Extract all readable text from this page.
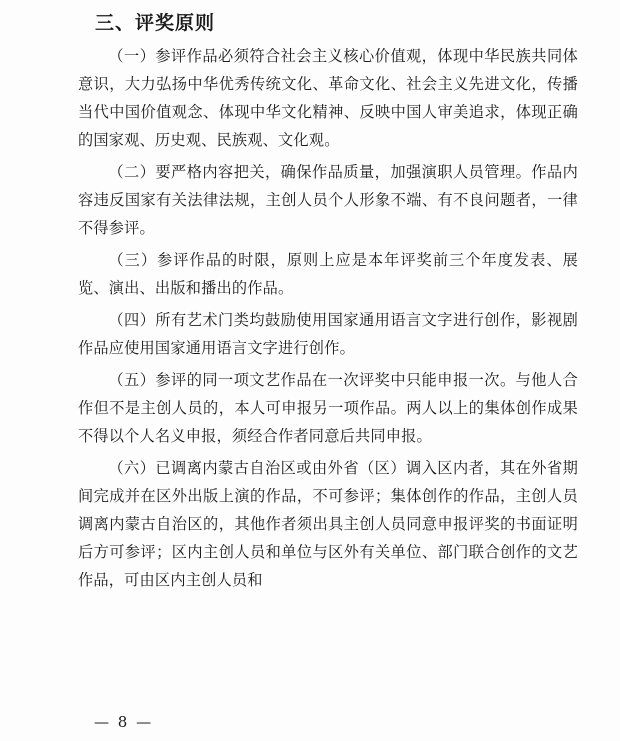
三、评奖原则

（一）参评作品必须符合社会主义核心价值观，体现中华民族共同体意识，大力弘扬中华优秀传统文化、革命文化、社会主义先进文化，传播当代中国价值观念、体现中华文化精神、反映中国人审美追求，体现正确的国家观、历史观、民族观、文化观。

（二）要严格内容把关，确保作品质量，加强演职人员管理。作品内容违反国家有关法律法规，主创人员个人形象不端、有不良问题者，一律不得参评。

（三）参评作品的时限，原则上应是本年评奖前三个年度发表、展览、演出、出版和播出的作品。

（四）所有艺术门类均鼓励使用国家通用语言文字进行创作，影视剧作品应使用国家通用语言文字进行创作。

（五）参评的同一项文艺作品在一次评奖中只能申报一次。与他人合作但不是主创人员的，本人可申报另一项作品。两人以上的集体创作成果不得以个人名义申报，须经合作者同意后共同申报。

（六）已调离内蒙古自治区或由外省（区）调入区内者，其在外省期间完成并在区外出版上演的作品，不可参评；集体创作的作品，主创人员调离内蒙古自治区的，其他作者须出具主创人员同意申报评奖的书面证明后方可参评；区内主创人员和单位与区外有关单位、部门联合创作的文艺作品，可由区内主创人员和

— 8 —
